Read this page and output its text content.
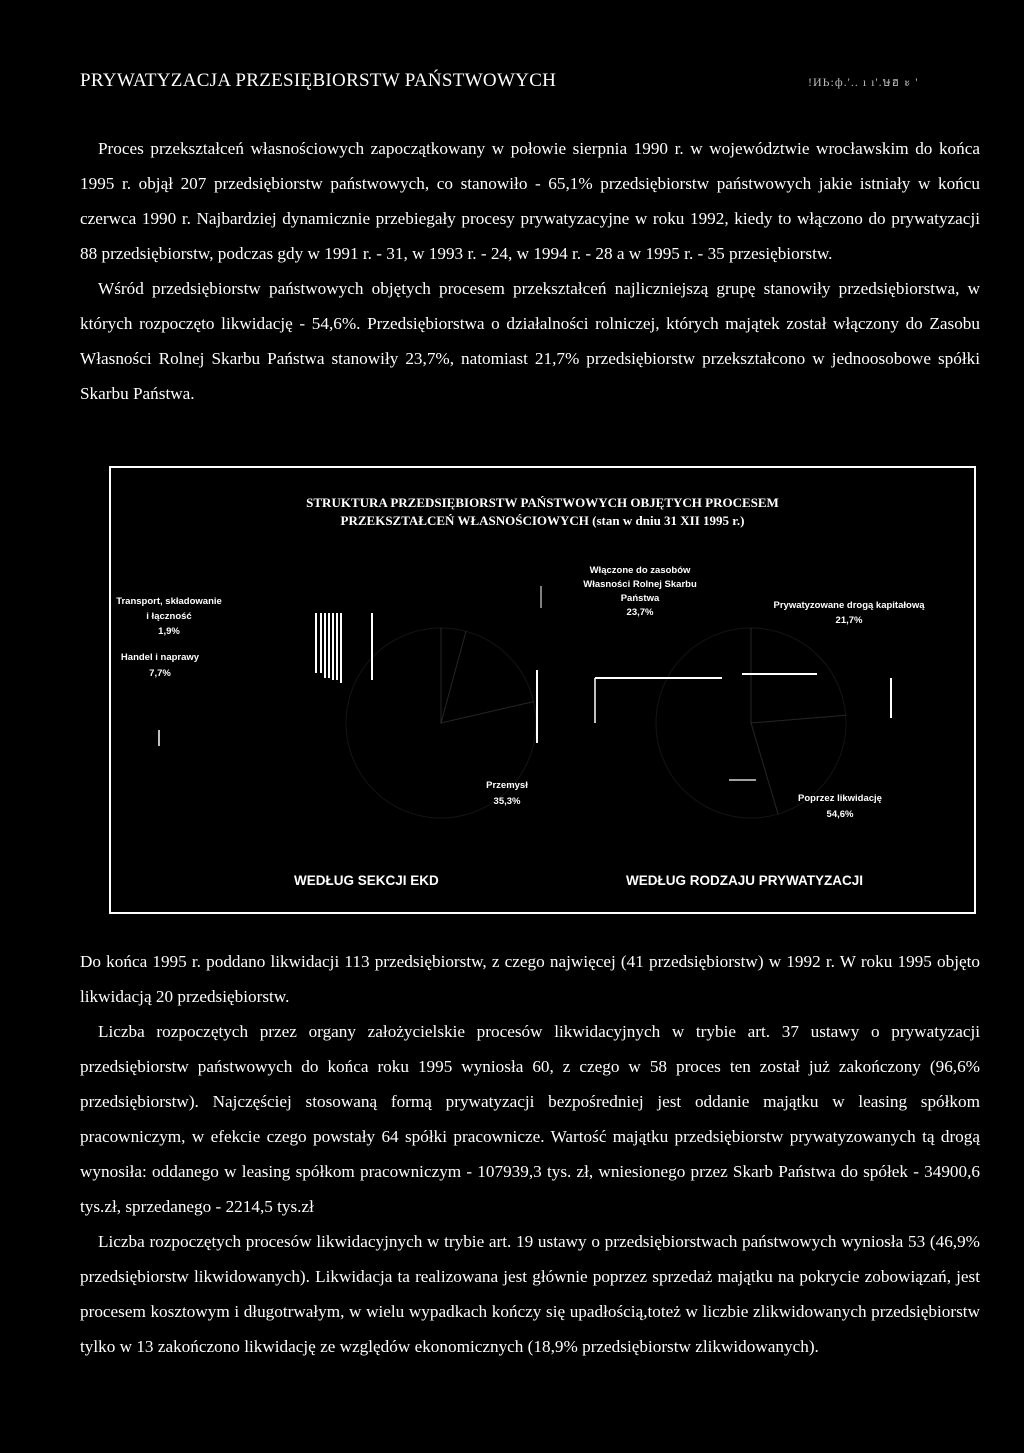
PRYWATYZACJA PRZESIĘBIORSTW PAŃSTWOWYCH	!ИЬ:ф.'.. ı ı'.ษฮ ะ '

Proces przekształceń własnościowych zapoczątkowany w połowie sierpnia 1990 r. w województwie wrocławskim do końca 1995 r. objął 207 przedsiębiorstw państwowych, co stanowiło - 65,1% przedsiębiorstw państwowych jakie istniały w końcu czerwca 1990 r. Najbardziej dynamicznie przebiegały procesy prywatyzacyjne w roku 1992, kiedy to włączono do prywatyzacji 88 przedsiębiorstw, podczas gdy w 1991 r. - 31, w 1993 r. - 24, w 1994 r. - 28 a w 1995 r. - 35 przesiębiorstw.

Wśród przedsiębiorstw państwowych objętych procesem przekształceń najliczniejszą grupę stanowiły przedsiębiorstwa, w których rozpoczęto likwidację - 54,6%. Przedsiębiorstwa o działalności rolniczej, których majątek został włączony do Zasobu Własności Rolnej Skarbu Państwa stanowiły 23,7%, natomiast 21,7% przedsiębiorstw przekształcono w jednoosobowe spółki Skarbu Państwa.

STRUKTURA PRZEDSIĘBIORSTW PAŃSTWOWYCH OBJĘTYCH PROCESEM
PRZEKSZTAŁCEŃ WŁASNOŚCIOWYCH (stan w dniu 31 XII 1995 r.)
Transport, składowanie
i łączność
1,9%
Handel i naprawy
7,7%
Przemysł
35,3%
Włączone do zasobów
Własności Rolnej Skarbu
Państwa
23,7%
Prywatyzowane drogą kapitałową
21,7%
Poprzez likwidację
54,6%
WEDŁUG SEKCJI EKD	WEDŁUG RODZAJU PRYWATYZACJI

Do końca 1995 r. poddano likwidacji 113 przedsiębiorstw, z czego najwięcej (41 przedsiębiorstw) w 1992 r. W roku 1995 objęto likwidacją 20 przedsiębiorstw.

Liczba rozpoczętych przez organy założycielskie procesów likwidacyjnych w trybie art. 37 ustawy o prywatyzacji przedsiębiorstw państwowych do końca roku 1995 wyniosła 60, z czego w 58 proces ten został już zakończony (96,6% przedsiębiorstw). Najczęściej stosowaną formą prywatyzacji bezpośredniej jest oddanie majątku w leasing spółkom pracowniczym, w efekcie czego powstały 64 spółki pracownicze. Wartość majątku przedsiębiorstw prywatyzowanych tą drogą wynosiła: oddanego w leasing spółkom pracowniczym - 107939,3 tys. zł, wniesionego przez Skarb Państwa do spółek - 34900,6 tys.zł, sprzedanego - 2214,5 tys.zł

Liczba rozpoczętych procesów likwidacyjnych w trybie art. 19 ustawy o przedsiębiorstwach państwowych wyniosła 53 (46,9% przedsiębiorstw likwidowanych). Likwidacja ta realizowana jest głównie poprzez sprzedaż majątku na pokrycie zobowiązań, jest procesem kosztowym i długotrwałym, w wielu wypadkach kończy się upadłością,toteż w liczbie zlikwidowanych przedsiębiorstw tylko w 13 zakończono likwidację ze względów ekonomicznych (18,9% przedsiębiorstw zlikwidowanych).
